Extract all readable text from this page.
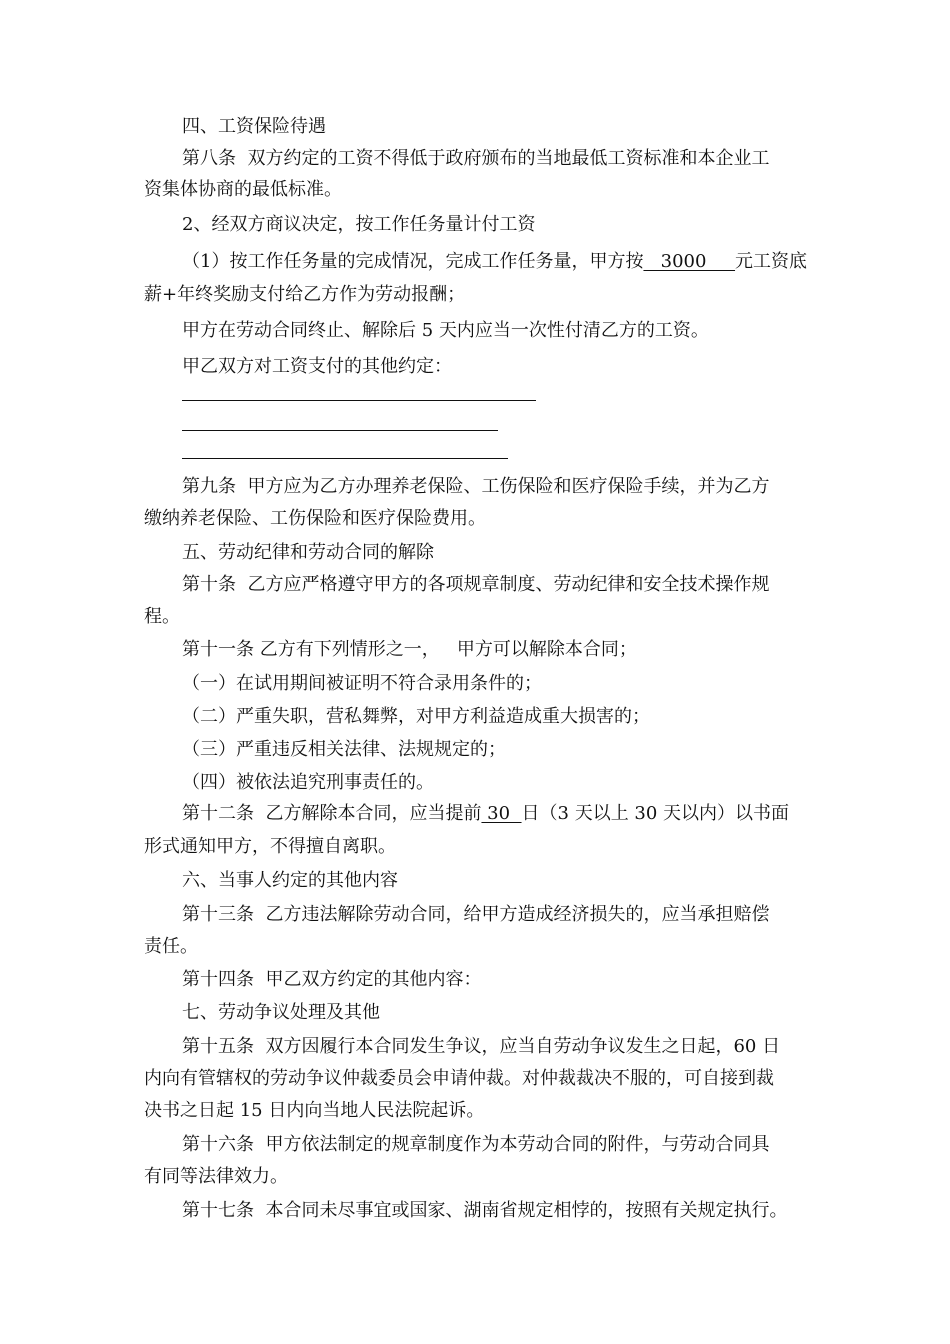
四、工资保险待遇

第八条  双方约定的工资不得低于政府颁布的当地最低工资标准和本企业工
资集体协商的最低标准。

2、经双方商议决定，按工作任务量计付工资

（1）按工作任务量的完成情况，完成工作任务量，甲方按   3000     元工资底
薪+年终奖励支付给乙方作为劳动报酬；

甲方在劳动合同终止、解除后 5 天内应当一次性付清乙方的工资。

甲乙双方对工资支付的其他约定：

第九条  甲方应为乙方办理养老保险、工伤保险和医疗保险手续，并为乙方
缴纳养老保险、工伤保险和医疗保险费用。

五、劳动纪律和劳动合同的解除

第十条  乙方应严格遵守甲方的各项规章制度、劳动纪律和安全技术操作规
程。

第十一条 乙方有下列情形之一，   甲方可以解除本合同；

（一）在试用期间被证明不符合录用条件的；

（二）严重失职，营私舞弊，对甲方利益造成重大损害的；

（三）严重违反相关法律、法规规定的；

（四）被依法追究刑事责任的。

第十二条  乙方解除本合同，应当提前 30  日（3 天以上 30 天以内）以书面
形式通知甲方，不得擅自离职。

六、当事人约定的其他内容

第十三条  乙方违法解除劳动合同，给甲方造成经济损失的，应当承担赔偿
责任。

第十四条  甲乙双方约定的其他内容：

七、劳动争议处理及其他

第十五条  双方因履行本合同发生争议，应当自劳动争议发生之日起，60 日
内向有管辖权的劳动争议仲裁委员会申请仲裁。对仲裁裁决不服的，可自接到裁
决书之日起 15 日内向当地人民法院起诉。

第十六条  甲方依法制定的规章制度作为本劳动合同的附件，与劳动合同具
有同等法律效力。

第十七条  本合同未尽事宜或国家、湖南省规定相悖的，按照有关规定执行。
